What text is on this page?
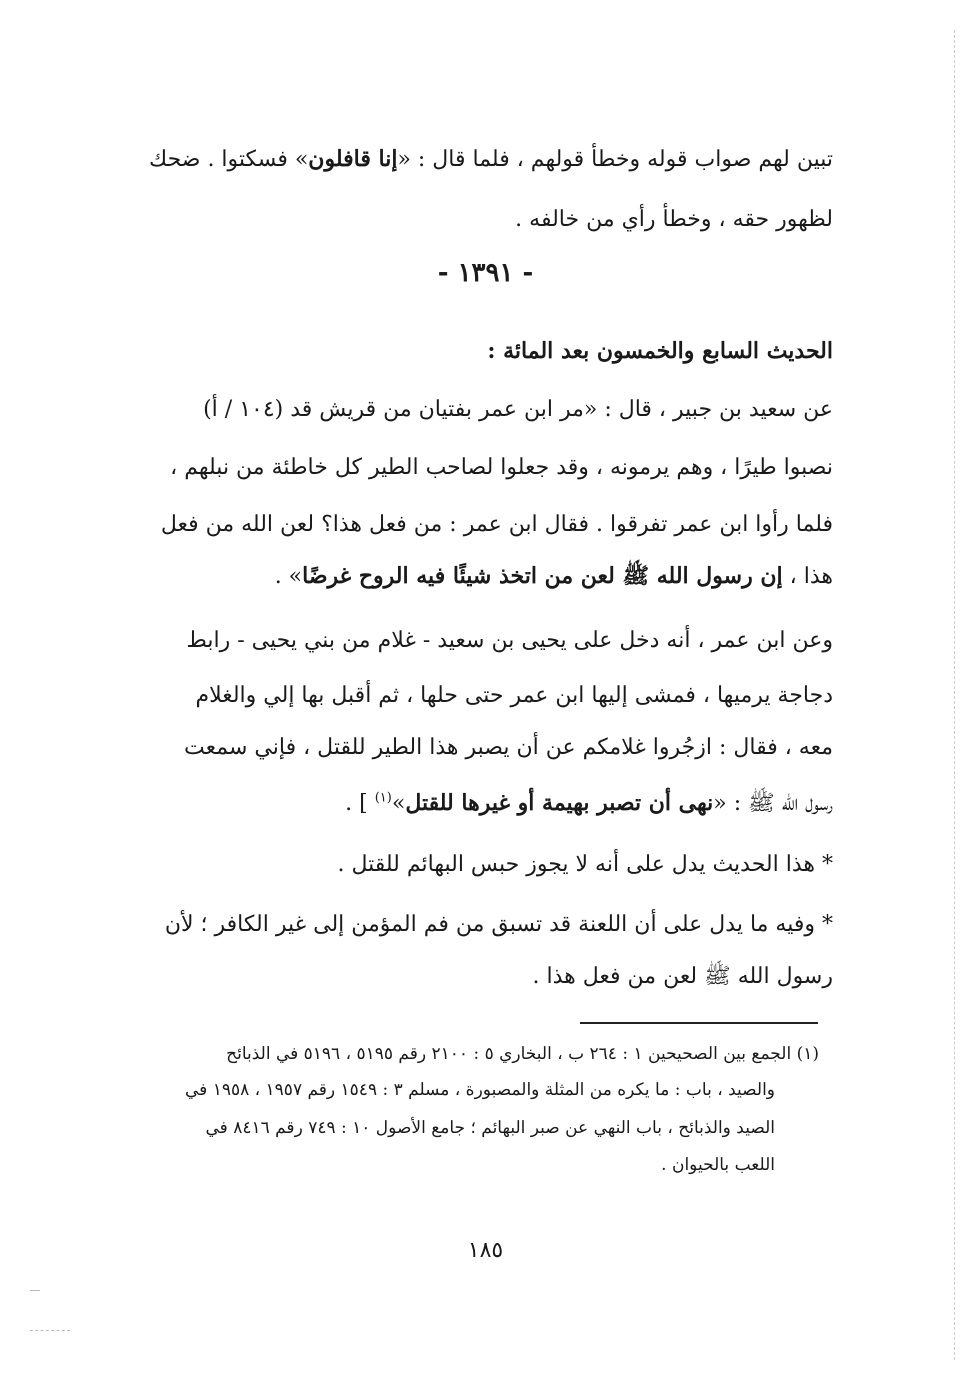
تبين لهم صواب قوله وخطأ قولهم ، فلما قال : «إنا قافلون» فسكتوا . ضحك
لظهور حقه ، وخطأ رأي من خالفه .
- ١٣٩١ -
الحديث السابع والخمسون بعد المائة :
عن سعيد بن جبير ، قال : «مر ابن عمر بفتيان من قريش قد (١٠٤ / أ)
نصبوا طيرًا ، وهم يرمونه ، وقد جعلوا لصاحب الطير كل خاطئة من نبلهم ،
فلما رأوا ابن عمر تفرقوا . فقال ابن عمر : من فعل هذا؟ لعن الله من فعل
هذا ، إن رسول الله ﷺ لعن من اتخذ شيئًا فيه الروح غرضًا» .
وعن ابن عمر ، أنه دخل على يحيى بن سعيد - غلام من بني يحيى - رابط
دجاجة يرميها ، فمشى إليها ابن عمر حتى حلها ، ثم أقبل بها إلي والغلام
معه ، فقال : ازجُروا غلامكم عن أن يصبر هذا الطير للقتل ، فإني سمعت
رسول الله ﷺ : «نهى أن تصبر بهيمة أو غيرها للقتل»$^{(١)}$ ] .
* هذا الحديث يدل على أنه لا يجوز حبس البهائم للقتل .
* وفيه ما يدل على أن اللعنة قد تسبق من فم المؤمن إلى غير الكافر ؛ لأن
رسول الله ﷺ لعن من فعل هذا .
(١) الجمع بين الصحيحين ١ : ٢٦٤ ب ، البخاري ٥ : ٢١٠٠ رقم ٥١٩٥ ، ٥١٩٦ في الذبائح
والصيد ، باب : ما يكره من المثلة والمصبورة ، مسلم ٣ : ١٥٤٩ رقم ١٩٥٧ ، ١٩٥٨ في
الصيد والذبائح ، باب النهي عن صبر البهائم ؛ جامع الأصول ١٠ : ٧٤٩ رقم ٨٤١٦ في
اللعب بالحيوان .
١٨٥
